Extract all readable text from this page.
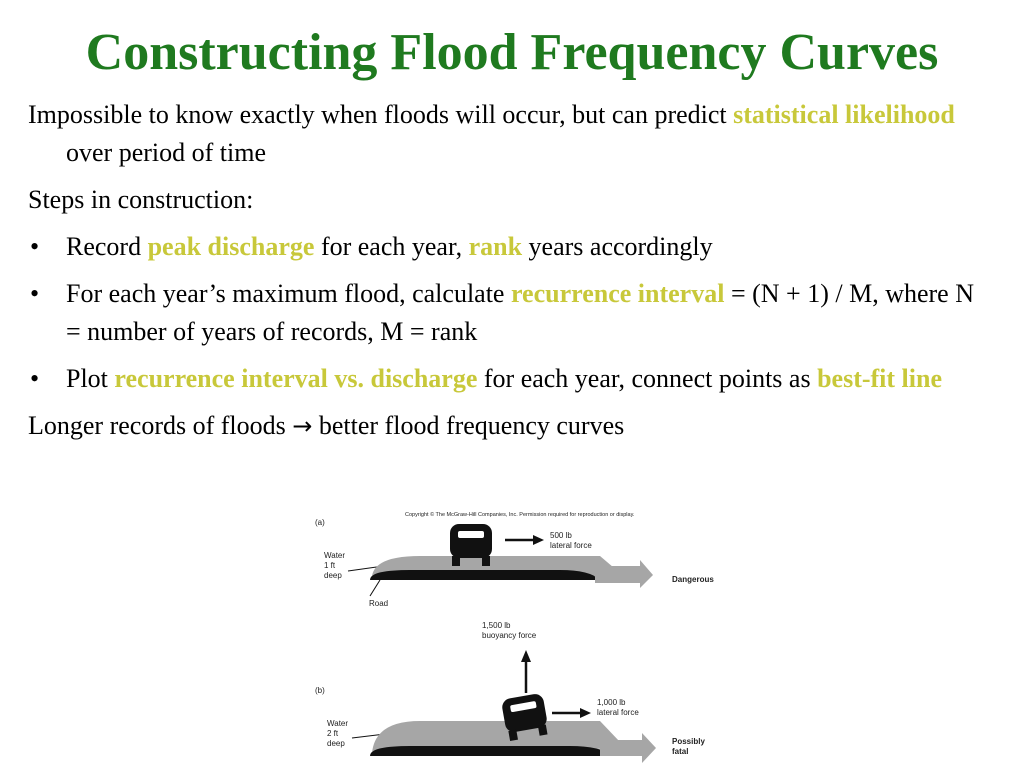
Constructing Flood Frequency Curves

Impossible to know exactly when floods will occur, but can predict statistical likelihood over period of time

Steps in construction:

• Record peak discharge for each year, rank years accordingly
• For each year’s maximum flood, calculate recurrence interval = (N + 1) / M, where N = number of years of records, M = rank
• Plot recurrence interval vs. discharge for each year, connect points as best-fit line

Longer records of floods → better flood frequency curves

Copyright © The McGraw-Hill Companies, Inc. Permission required for reproduction or display.
(a)
Water
1 ft
deep
500 lb
lateral force
Dangerous
Road
1,500 lb
buoyancy force
(b)
Water
2 ft
deep
1,000 lb
lateral force
Possibly
fatal
